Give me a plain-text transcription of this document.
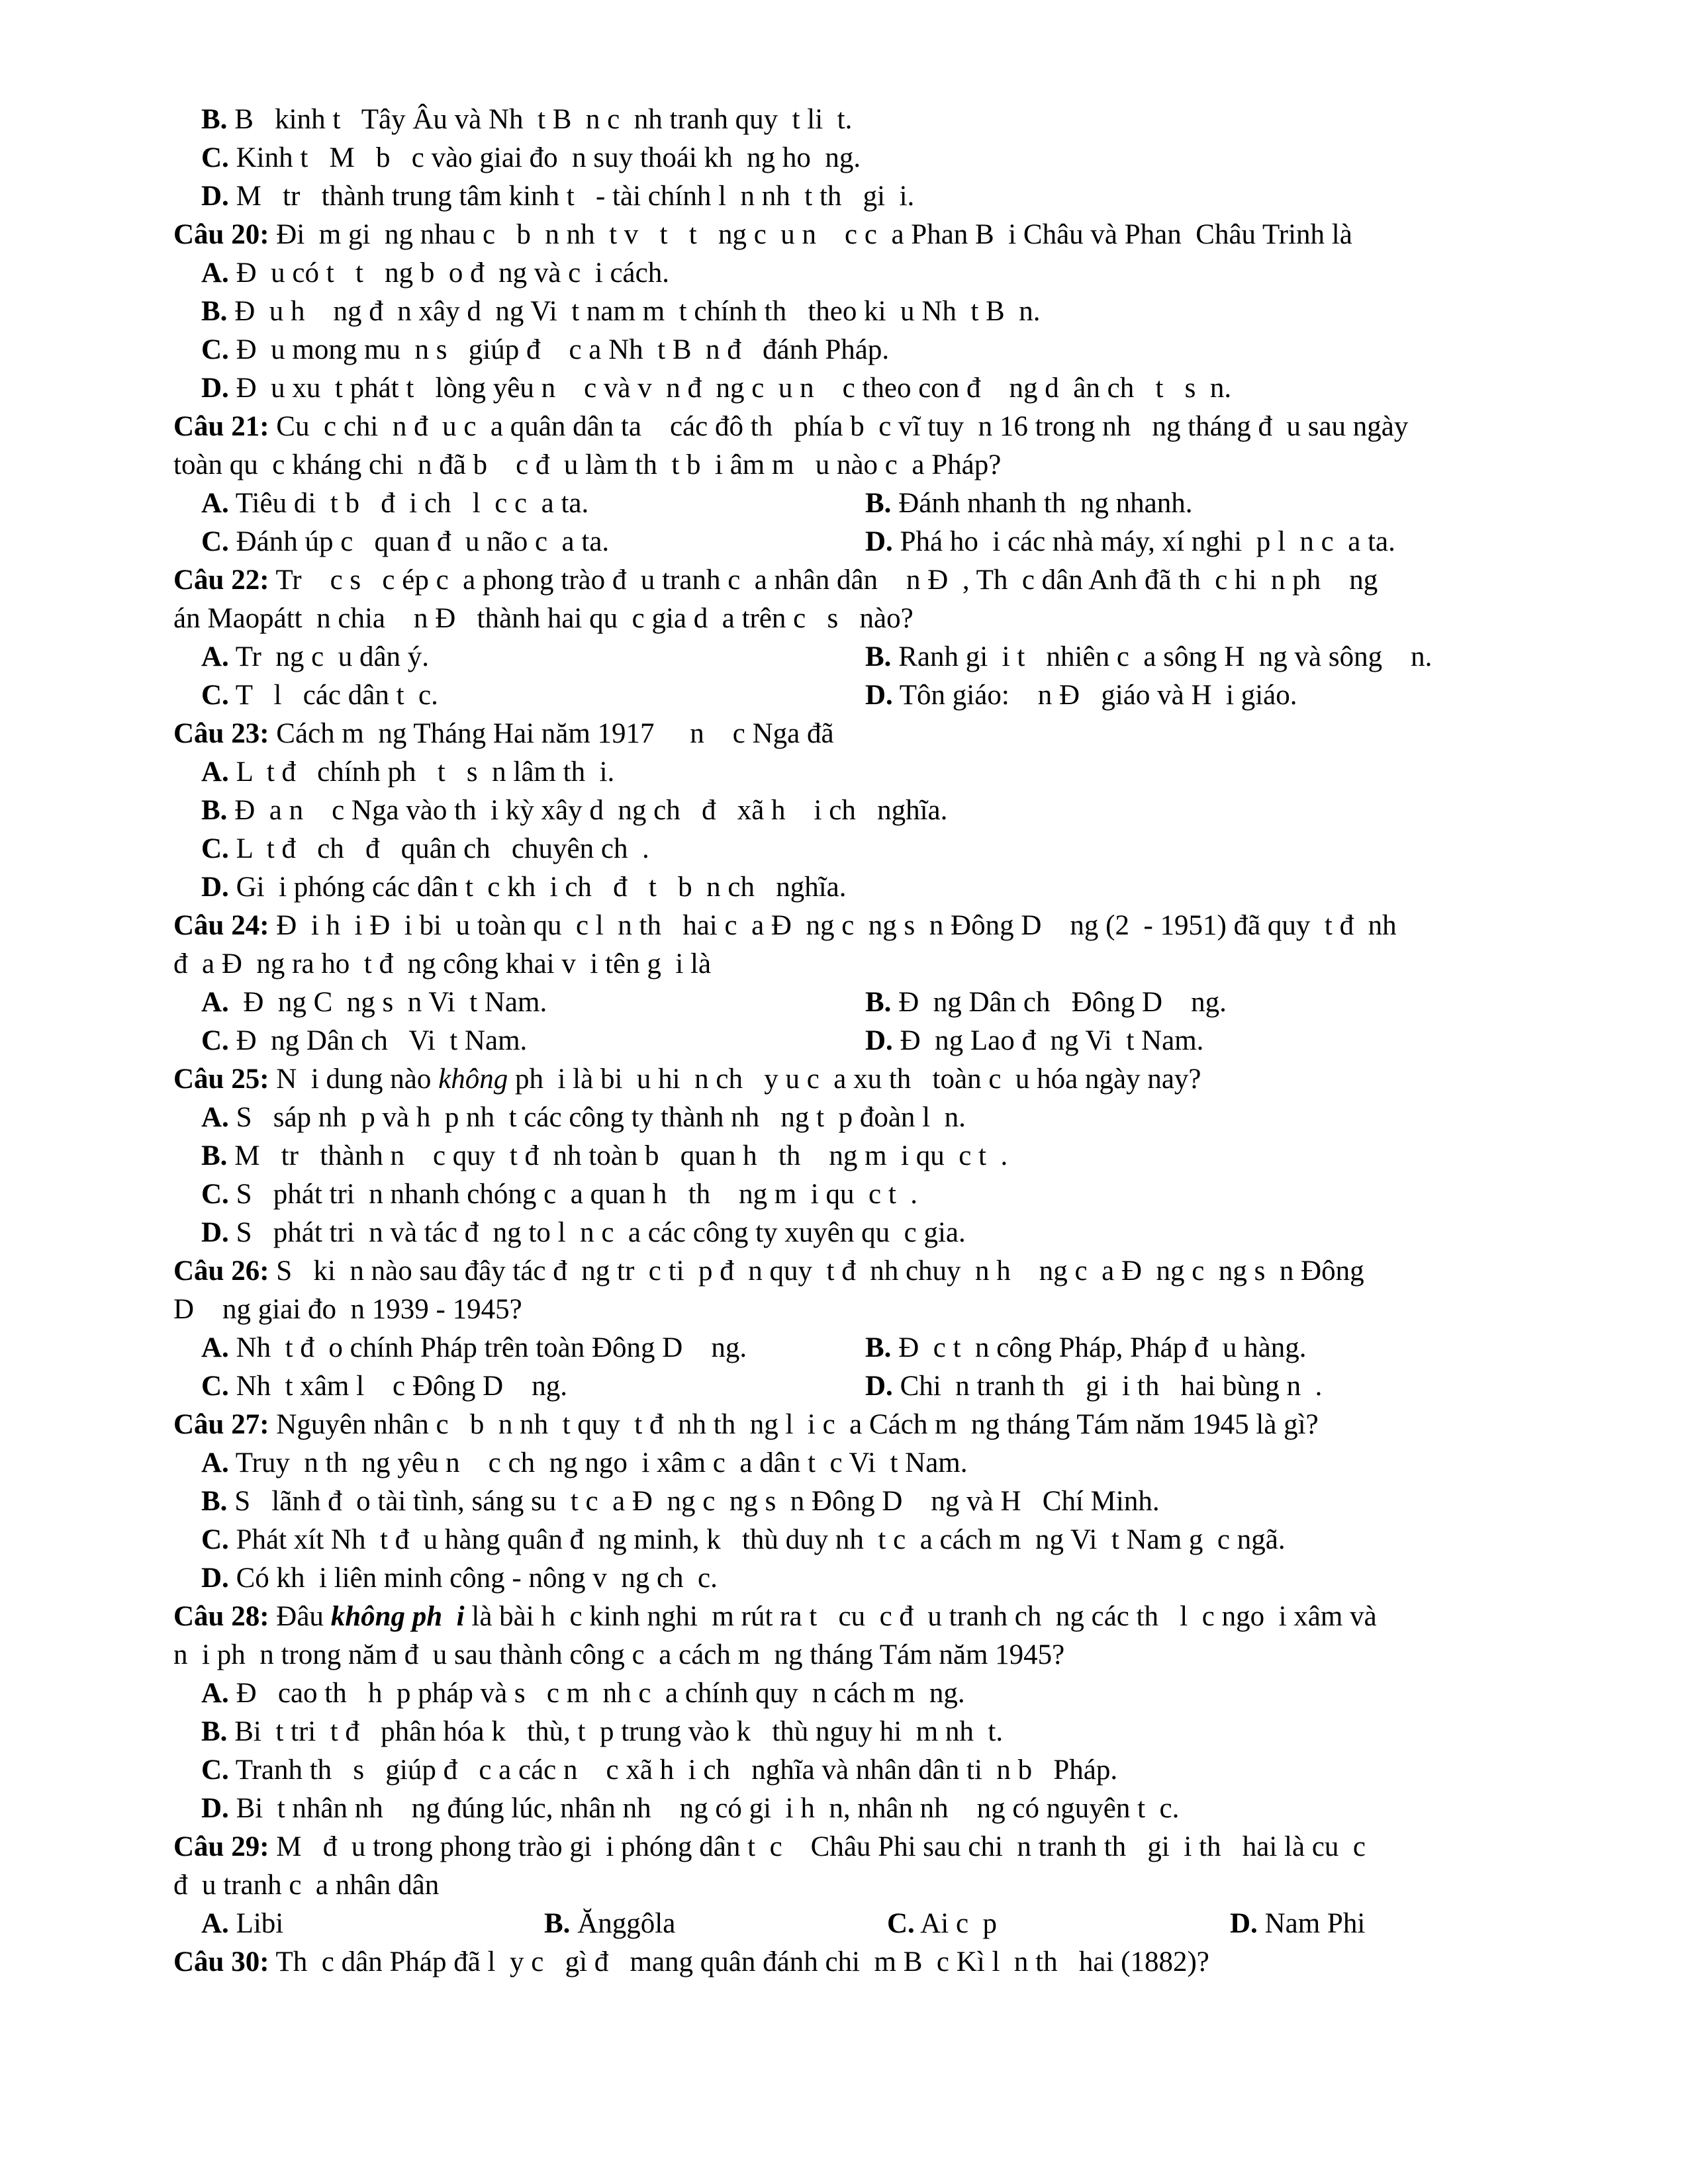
B. B   kinh t   Tây Âu và Nh  t B  n c  nh tranh quy  t li  t.
C. Kinh t   M   b   c vào giai đo  n suy thoái kh  ng ho  ng.
D. M   tr   thành trung tâm kinh t   - tài chính l  n nh  t th   gi  i.
Câu 20: Đi  m gi  ng nhau c   b  n nh  t v   t   t   ng c  u n    c c  a Phan B  i Châu và Phan  Châu Trinh là
A. Đ  u có t   t   ng b  o đ  ng và c  i cách.
B. Đ  u h    ng đ  n xây d  ng Vi  t nam m  t chính th   theo ki  u Nh  t B  n.
C. Đ  u mong mu  n s   giúp đ    c a Nh  t B  n đ   đánh Pháp.
D. Đ  u xu  t phát t   lòng yêu n    c và v  n đ  ng c  u n    c theo con đ    ng d  ân ch   t   s  n.
Câu 21: Cu  c chi  n đ  u c  a quân dân ta    các đô th   phía b  c vĩ tuy  n 16 trong nh   ng tháng đ  u sau ngày
toàn qu  c kháng chi  n đã b    c đ  u làm th  t b  i âm m   u nào c  a Pháp?
A. Tiêu di  t b   đ  i ch   l  c c  a ta.	B. Đánh nhanh th  ng nhanh.
C. Đánh úp c   quan đ  u não c  a ta.	D. Phá ho  i các nhà máy, xí nghi  p l  n c  a ta.
Câu 22: Tr    c s   c ép c  a phong trào đ  u tranh c  a nhân dân    n Đ  , Th  c dân Anh đã th  c hi  n ph    ng
án Maopátt  n chia    n Đ   thành hai qu  c gia d  a trên c   s   nào?
A. Tr  ng c  u dân ý.	B. Ranh gi  i t   nhiên c  a sông H  ng và sông    n.
C. T   l   các dân t  c.	D. Tôn giáo:    n Đ   giáo và H  i giáo.
Câu 23: Cách m  ng Tháng Hai năm 1917     n    c Nga đã
A. L  t đ   chính ph   t   s  n lâm th  i.
B. Đ  a n    c Nga vào th  i kỳ xây d  ng ch   đ   xã h    i ch   nghĩa.
C. L  t đ   ch   đ   quân ch   chuyên ch  .
D. Gi  i phóng các dân t  c kh  i ch   đ   t   b  n ch   nghĩa.
Câu 24: Đ  i h  i Đ  i bi  u toàn qu  c l  n th   hai c  a Đ  ng c  ng s  n Đông D    ng (2  - 1951) đã quy  t đ  nh
đ  a Đ  ng ra ho  t đ  ng công khai v  i tên g  i là
A.  Đ  ng C  ng s  n Vi  t Nam.	B. Đ  ng Dân ch   Đông D    ng.
C. Đ  ng Dân ch   Vi  t Nam.	D. Đ  ng Lao đ  ng Vi  t Nam.
Câu 25: N  i dung nào không ph  i là bi  u hi  n ch   y u c  a xu th   toàn c  u hóa ngày nay?
A. S   sáp nh  p và h  p nh  t các công ty thành nh   ng t  p đoàn l  n.
B. M   tr   thành n    c quy  t đ  nh toàn b   quan h   th    ng m  i qu  c t  .
C. S   phát tri  n nhanh chóng c  a quan h   th    ng m  i qu  c t  .
D. S   phát tri  n và tác đ  ng to l  n c  a các công ty xuyên qu  c gia.
Câu 26: S   ki  n nào sau đây tác đ  ng tr  c ti  p đ  n quy  t đ  nh chuy  n h    ng c  a Đ  ng c  ng s  n Đông
D    ng giai đo  n 1939 - 1945?
A. Nh  t đ  o chính Pháp trên toàn Đông D    ng.	B. Đ  c t  n công Pháp, Pháp đ  u hàng.
C. Nh  t xâm l    c Đông D    ng.	D. Chi  n tranh th   gi  i th   hai bùng n  .
Câu 27: Nguyên nhân c   b  n nh  t quy  t đ  nh th  ng l  i c  a Cách m  ng tháng Tám năm 1945 là gì?
A. Truy  n th  ng yêu n    c ch  ng ngo  i xâm c  a dân t  c Vi  t Nam.
B. S   lãnh đ  o tài tình, sáng su  t c  a Đ  ng c  ng s  n Đông D    ng và H   Chí Minh.
C. Phát xít Nh  t đ  u hàng quân đ  ng minh, k   thù duy nh  t c  a cách m  ng Vi  t Nam g  c ngã.
D. Có kh  i liên minh công - nông v  ng ch  c.
Câu 28: Đâu không ph  i là bài h  c kinh nghi  m rút ra t   cu  c đ  u tranh ch  ng các th   l  c ngo  i xâm và
n  i ph  n trong năm đ  u sau thành công c  a cách m  ng tháng Tám năm 1945?
A. Đ   cao th   h  p pháp và s   c m  nh c  a chính quy  n cách m  ng.
B. Bi  t tri  t đ   phân hóa k   thù, t  p trung vào k   thù nguy hi  m nh  t.
C. Tranh th   s   giúp đ   c a các n    c xã h  i ch   nghĩa và nhân dân ti  n b   Pháp.
D. Bi  t nhân nh    ng đúng lúc, nhân nh    ng có gi  i h  n, nhân nh    ng có nguyên t  c.
Câu 29: M   đ  u trong phong trào gi  i phóng dân t  c    Châu Phi sau chi  n tranh th   gi  i th   hai là cu  c
đ  u tranh c  a nhân dân
A. Libi	B. Ănggôla	C. Ai c  p	D. Nam Phi
Câu 30: Th  c dân Pháp đã l  y c   gì đ   mang quân đánh chi  m B  c Kì l  n th   hai (1882)?
